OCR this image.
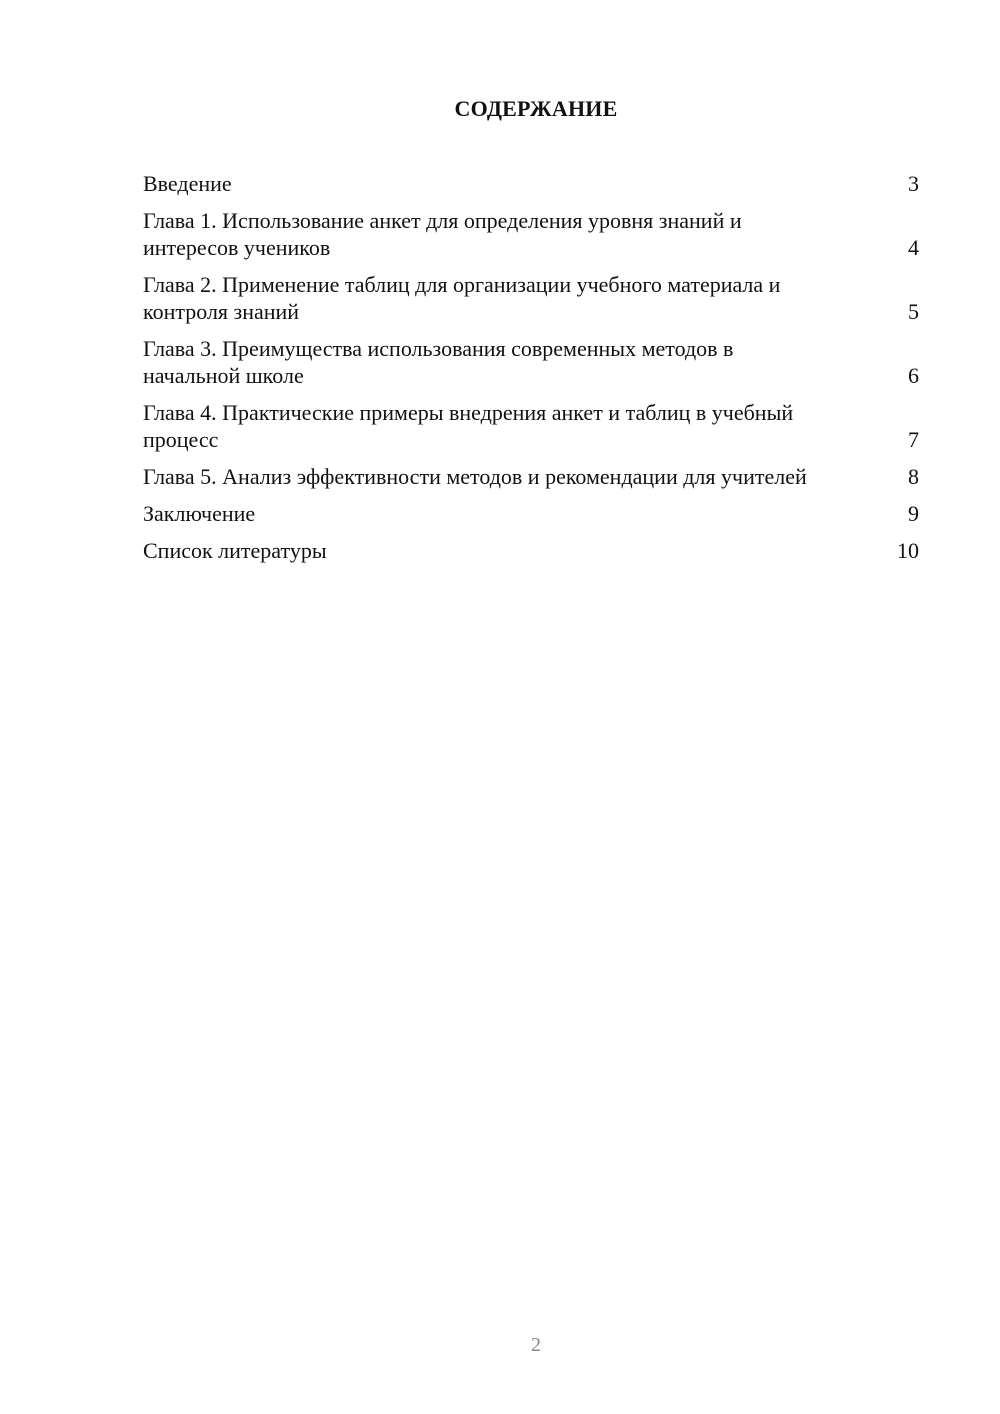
СОДЕРЖАНИЕ
Введение	3
Глава 1. Использование анкет для определения уровня знаний и интересов учеников	4
Глава 2. Применение таблиц для организации учебного материала и контроля знаний	5
Глава 3. Преимущества использования современных методов в начальной школе	6
Глава 4. Практические примеры внедрения анкет и таблиц в учебный процесс	7
Глава 5. Анализ эффективности методов и рекомендации для учителей	8
Заключение	9
Список литературы	10
2
